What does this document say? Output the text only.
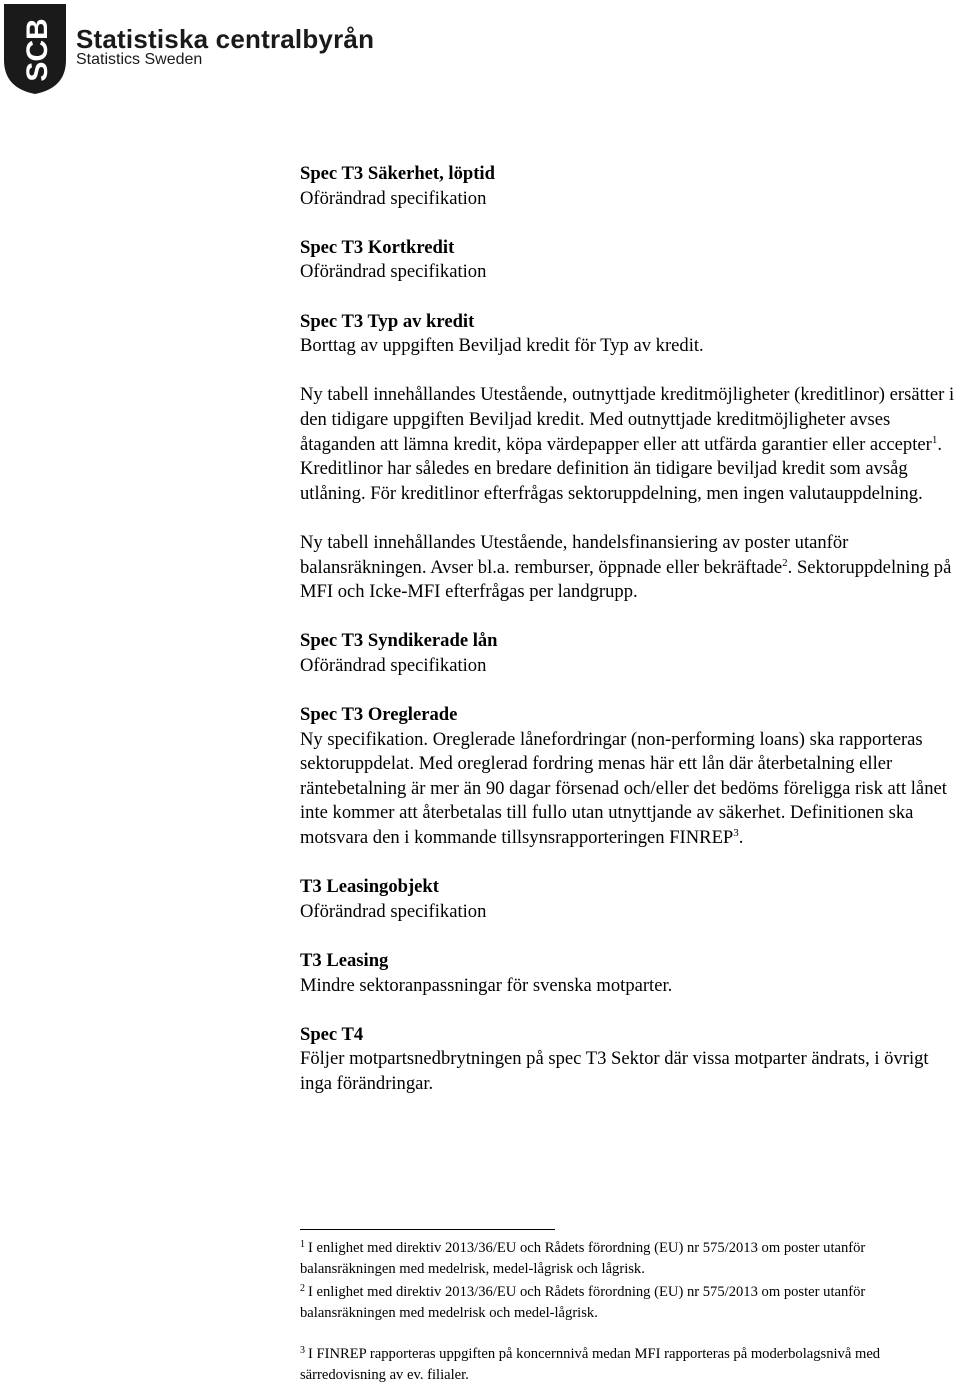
SCB Statistiska centralbyrån
Statistics Sweden
Spec T3 Säkerhet, löptid

Oförändrad specifikation

Spec T3 Kortkredit

Oförändrad specifikation

Spec T3 Typ av kredit

Borttag av uppgiften Beviljad kredit för Typ av kredit.

Ny tabell innehållandes Utestående, outnyttjade kreditmöjligheter (kreditlinor) ersätter i den tidigare uppgiften Beviljad kredit. Med outnyttjade kreditmöjligheter avses åtaganden att lämna kredit, köpa värdepapper eller att utfärda garantier eller accepter$^1$. Kreditlinor har således en bredare definition än tidigare beviljad kredit som avsåg utlåning. För kreditlinor efterfrågas sektoruppdelning, men ingen valutauppdelning.

Ny tabell innehållandes Utestående, handelsfinansiering av poster utanför balansräkningen. Avser bl.a. remburser, öppnade eller bekräftade$^2$. Sektoruppdelning på MFI och Icke-MFI efterfrågas per landgrupp.

Spec T3 Syndikerade lån

Oförändrad specifikation

Spec T3 Oreglerade

Ny specifikation. Oreglerade lånefordringar (non-performing loans) ska rapporteras sektoruppdelat. Med oreglerad fordring menas här ett lån där återbetalning eller räntebetalning är mer än 90 dagar försenad och/eller det bedöms föreligga risk att lånet inte kommer att återbetalas till fullo utan utnyttjande av säkerhet. Definitionen ska motsvara den i kommande tillsynsrapporteringen FINREP$^3$.

T3 Leasingobjekt

Oförändrad specifikation

T3 Leasing

Mindre sektoranpassningar för svenska motparter.

Spec T4

Följer motpartsnedbrytningen på spec T3 Sektor där vissa motparter ändrats, i övrigt inga förändringar.

$^1$ I enlighet med direktiv 2013/36/EU och Rådets förordning (EU) nr 575/2013 om poster utanför balansräkningen med medelrisk, medel-lågrisk och lågrisk.

$^2$ I enlighet med direktiv 2013/36/EU och Rådets förordning (EU) nr 575/2013 om poster utanför balansräkningen med medelrisk och medel-lågrisk.

$^3$ I FINREP rapporteras uppgiften på koncernnivå medan MFI rapporteras på moderbolagsnivå med särredovisning av ev. filialer.
